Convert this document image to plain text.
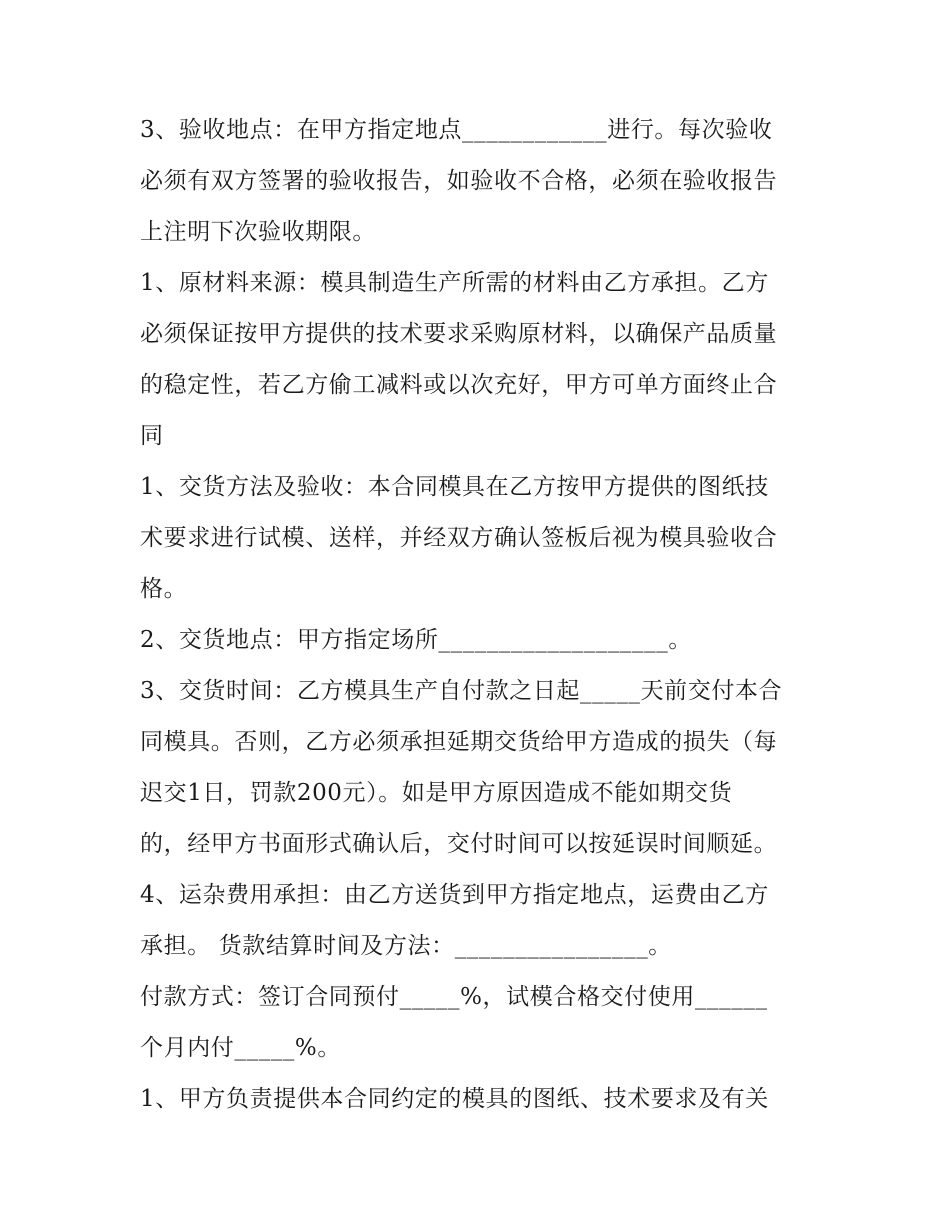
3、验收地点：在甲方指定地点____________进行。每次验收
必须有双方签署的验收报告，如验收不合格，必须在验收报告
上注明下次验收期限。
1、原材料来源：模具制造生产所需的材料由乙方承担。乙方
必须保证按甲方提供的技术要求采购原材料，以确保产品质量
的稳定性，若乙方偷工减料或以次充好，甲方可单方面终止合
同
1、交货方法及验收：本合同模具在乙方按甲方提供的图纸技
术要求进行试模、送样，并经双方确认签板后视为模具验收合
格。
2、交货地点：甲方指定场所___________________。
3、交货时间：乙方模具生产自付款之日起_____天前交付本合
同模具。否则，乙方必须承担延期交货给甲方造成的损失（每
迟交1日，罚款200元）。如是甲方原因造成不能如期交货
的，经甲方书面形式确认后，交付时间可以按延误时间顺延。
4、运杂费用承担：由乙方送货到甲方指定地点，运费由乙方
承担。 货款结算时间及方法：________________。
付款方式：签订合同预付_____%，试模合格交付使用______
个月内付_____%。
1、甲方负责提供本合同约定的模具的图纸、技术要求及有关
